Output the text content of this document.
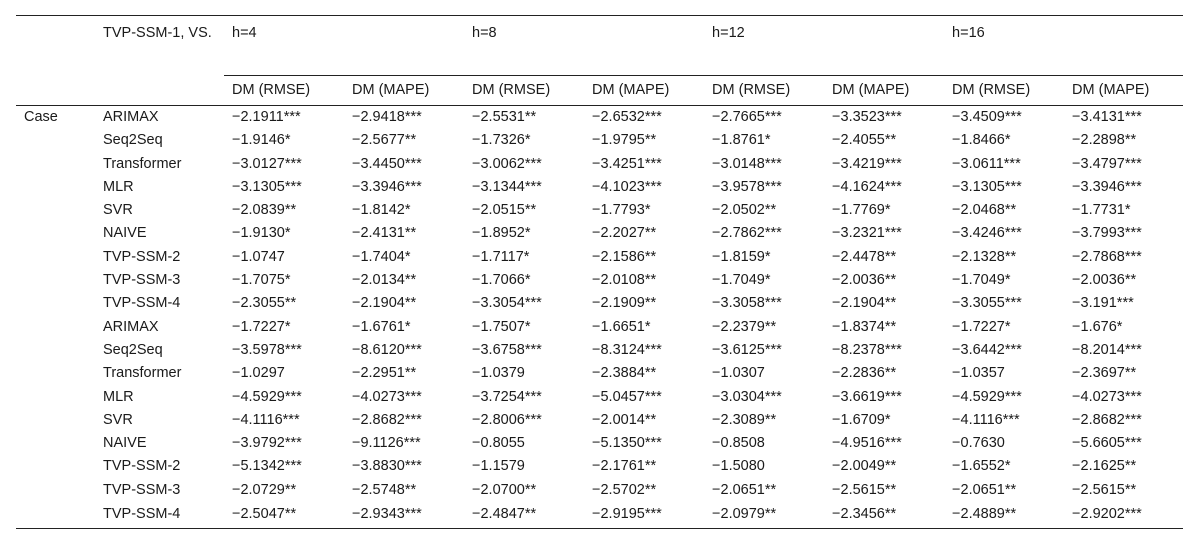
	TVP-SSM-1, VS.	h=4		h=8		h=12		h=16	
		DM (RMSE)	DM (MAPE)	DM (RMSE)	DM (MAPE)	DM (RMSE)	DM (MAPE)	DM (RMSE)	DM (MAPE)
Case	ARIMAX	−2.1911***	−2.9418***	−2.5531**	−2.6532***	−2.7665***	−3.3523***	−3.4509***	−3.4131***
	Seq2Seq	−1.9146*	−2.5677**	−1.7326*	−1.9795**	−1.8761*	−2.4055**	−1.8466*	−2.2898**
	Transformer	−3.0127***	−3.4450***	−3.0062***	−3.4251***	−3.0148***	−3.4219***	−3.0611***	−3.4797***
	MLR	−3.1305***	−3.3946***	−3.1344***	−4.1023***	−3.9578***	−4.1624***	−3.1305***	−3.3946***
	SVR	−2.0839**	−1.8142*	−2.0515**	−1.7793*	−2.0502**	−1.7769*	−2.0468**	−1.7731*
	NAIVE	−1.9130*	−2.4131**	−1.8952*	−2.2027**	−2.7862***	−3.2321***	−3.4246***	−3.7993***
	TVP-SSM-2	−1.0747	−1.7404*	−1.7117*	−2.1586**	−1.8159*	−2.4478**	−2.1328**	−2.7868***
	TVP-SSM-3	−1.7075*	−2.0134**	−1.7066*	−2.0108**	−1.7049*	−2.0036**	−1.7049*	−2.0036**
	TVP-SSM-4	−2.3055**	−2.1904**	−3.3054***	−2.1909**	−3.3058***	−2.1904**	−3.3055***	−3.191***
	ARIMAX	−1.7227*	−1.6761*	−1.7507*	−1.6651*	−2.2379**	−1.8374**	−1.7227*	−1.676*
	Seq2Seq	−3.5978***	−8.6120***	−3.6758***	−8.3124***	−3.6125***	−8.2378***	−3.6442***	−8.2014***
	Transformer	−1.0297	−2.2951**	−1.0379	−2.3884**	−1.0307	−2.2836**	−1.0357	−2.3697**
	MLR	−4.5929***	−4.0273***	−3.7254***	−5.0457***	−3.0304***	−3.6619***	−4.5929***	−4.0273***
	SVR	−4.1116***	−2.8682***	−2.8006***	−2.0014**	−2.3089**	−1.6709*	−4.1116***	−2.8682***
	NAIVE	−3.9792***	−9.1126***	−0.8055	−5.1350***	−0.8508	−4.9516***	−0.7630	−5.6605***
	TVP-SSM-2	−5.1342***	−3.8830***	−1.1579	−2.1761**	−1.5080	−2.0049**	−1.6552*	−2.1625**
	TVP-SSM-3	−2.0729**	−2.5748**	−2.0700**	−2.5702**	−2.0651**	−2.5615**	−2.0651**	−2.5615**
	TVP-SSM-4	−2.5047**	−2.9343***	−2.4847**	−2.9195***	−2.0979**	−2.3456**	−2.4889**	−2.9202***
